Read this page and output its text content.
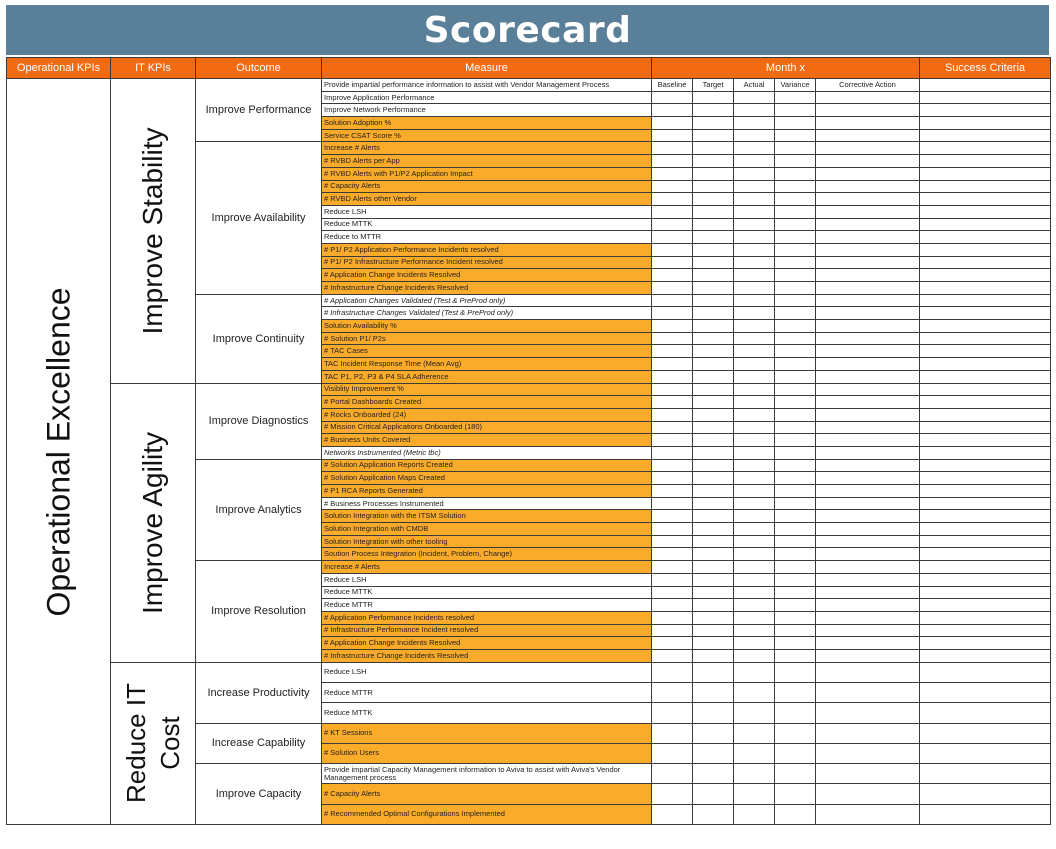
Scorecard
Operational KPIs	IT KPIs	Outcome	Measure	Month x					Success Criteria

Operational Excellence	Improve Stability	Improve Performance	Provide impartial performance information to assist with Vendor Management Process	Baseline	Target	Actual	Variance	Corrective Action	
			Improve Application Performance						
			Improve Network Performance						
			Solution Adoption %						
			Service CSAT Score %						
		Improve Availability	Increase # Alerts						
			# RVBD Alerts per App						
			# RVBD Alerts with P1/P2 Application Impact						
			# Capacity Alerts						
			# RVBD Alerts other Vendor						
			Reduce LSH						
			Reduce MTTK						
			Reduce to MTTR						
			# P1/ P2 Application Performance Incidents resolved						
			# P1/ P2 Infrastructure Performance Incident resolved						
			# Application Change Incidents Resolved						
			# Infrastructure Change Incidents Resolved						
		Improve Continuity	# Application Changes Validated (Test & PreProd only)						
			# Infrastructure Changes Validated (Test & PreProd only)						
			Solution Availability %						
			# Solution P1/ P2s						
			# TAC Cases						
			TAC Incident Response Time (Mean Avg)						
			TAC P1, P2, P3 & P4 SLA Adherence						

	Improve Agility	Improve Diagnostics	Visiblity Improvement %						
			# Portal Dashboards Created						
			# Rocks Onboarded (24)						
			# Mission Critical Applications Onboarded (180)						
			# Business Units Covered						
			Networks Instrumented (Metric tbc)						
		Improve Analytics	# Solution Application Reports Created						
			# Solution Application Maps Created						
			# P1 RCA Reports Generated						
			# Business Processes Instrumented						
			Solution Integration with the ITSM Solution						
			Solution Integration with CMDB						
			Solution Integration with other tooling						
			Soution Process Integration (Incident, Problem, Change)						
		Improve Resolution	Increase # Alerts						
			Reduce LSH						
			Reduce MTTK						
			Reduce MTTR						
			# Application Performance Incidents resolved						
			# Infrastructure Performance Incident resolved						
			# Application Change Incidents Resolved						
			# Infrastructure Change Incidents Resolved						

	Reduce IT Cost	Increase Productivity	Reduce LSH						
			Reduce MTTR						
			Reduce MTTK						
		Increase Capability	# KT Sessions						
			# Solution Users						
		Improve Capacity	Provide impartial Capacity Management information to Aviva to assist with Aviva's Vendor Management process						
			# Capacity Alerts						
			# Recommended Optimal Configurations Implemented						
